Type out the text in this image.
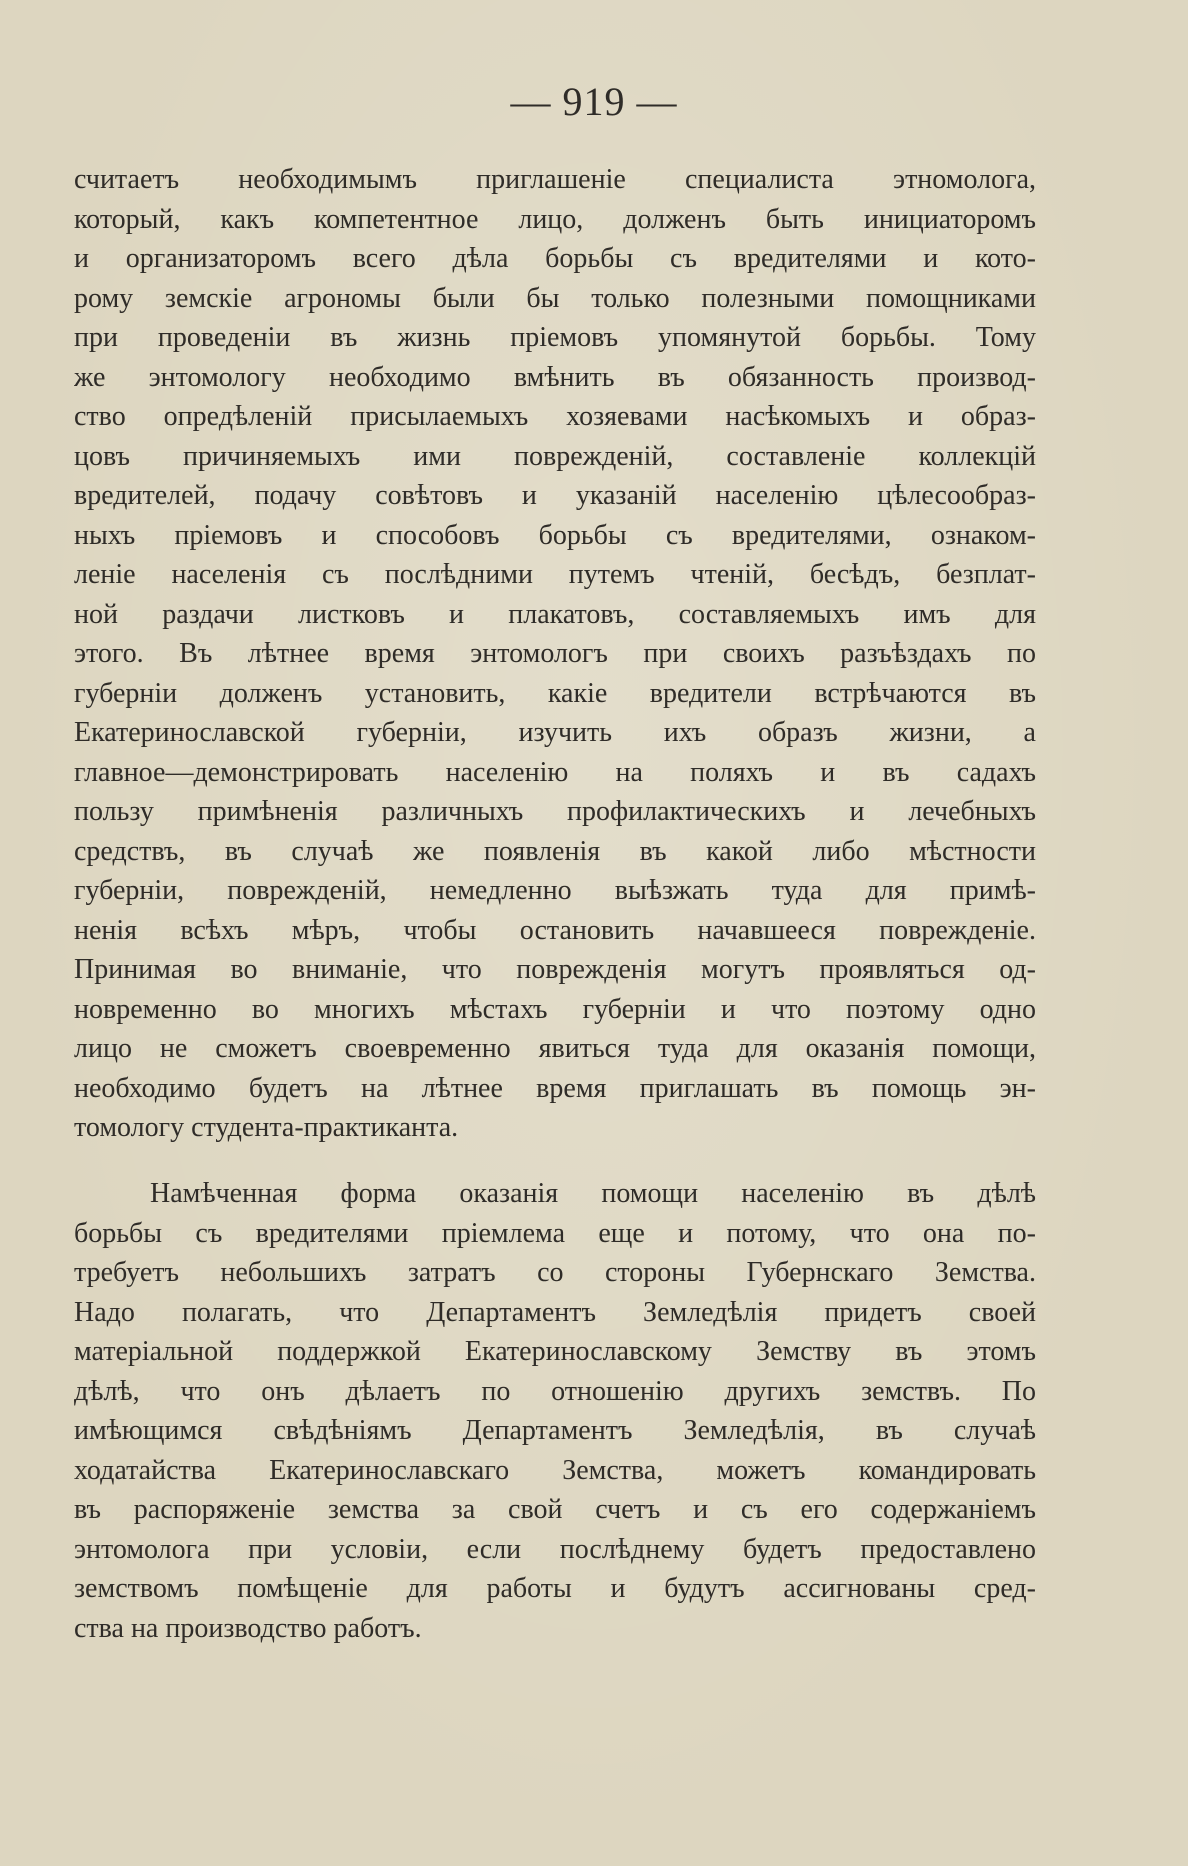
— 919 —
считаетъ необходимымъ приглашенiе специалиста этномолога,
который, какъ компетентное лицо, долженъ быть инициаторомъ
и организаторомъ всего дѣла борьбы съ вредителями и кото-
рому земскiе агрономы были бы только полезными помощниками
при проведенiи въ жизнь прiемовъ упомянутой борьбы. Тому
же энтомологу необходимо вмѣнить въ обязанность производ-
ство опредѣленiй присылаемыхъ хозяевами насѣкомыхъ и образ-
цовъ причиняемыхъ ими поврежденiй, составленiе коллекцiй
вредителей, подачу совѣтовъ и указанiй населенiю цѣлесообраз-
ныхъ прiемовъ и способовъ борьбы съ вредителями, ознаком-
ленiе населенiя съ послѣдними путемъ чтенiй, бесѣдъ, безплат-
ной раздачи листковъ и плакатовъ, составляемыхъ имъ для
этого. Въ лѣтнее время энтомологъ при своихъ разъѣздахъ по
губернiи долженъ установить, какiе вредители встрѣчаются въ
Екатеринославской губернiи, изучить ихъ образъ жизни, а
главное—демонстрировать населенiю на поляхъ и въ садахъ
пользу примѣненiя различныхъ профилактическихъ и лечебныхъ
средствъ, въ случаѣ же появленiя въ какой либо мѣстности
губернiи, поврежденiй, немедленно выѣзжать туда для примѣ-
ненiя всѣхъ мѣръ, чтобы остановить начавшееся поврежденiе.
Принимая во вниманiе, что поврежденiя могутъ проявляться од-
новременно во многихъ мѣстахъ губернiи и что поэтому одно
лицо не сможетъ своевременно явиться туда для оказанiя помощи,
необходимо будетъ на лѣтнее время приглашать въ помощь эн-
томологу студента-практиканта.
Намѣченная форма оказанiя помощи населенiю въ дѣлѣ
борьбы съ вредителями прiемлема еще и потому, что она по-
требуетъ небольшихъ затратъ со стороны Губернскаго Земства.
Надо полагать, что Департаментъ Земледѣлiя придетъ своей
матерiальной поддержкой Екатеринославскому Земству въ этомъ
дѣлѣ, что онъ дѣлаетъ по отношенiю другихъ земствъ. По
имѣющимся свѣдѣнiямъ Департаментъ Земледѣлiя, въ случаѣ
ходатайства Екатеринославскаго Земства, можетъ командировать
въ распоряженiе земства за свой счетъ и съ его содержанiемъ
энтомолога при условiи, если послѣднему будетъ предоставлено
земствомъ помѣщенiе для работы и будутъ ассигнованы сред-
ства на производство работъ.
